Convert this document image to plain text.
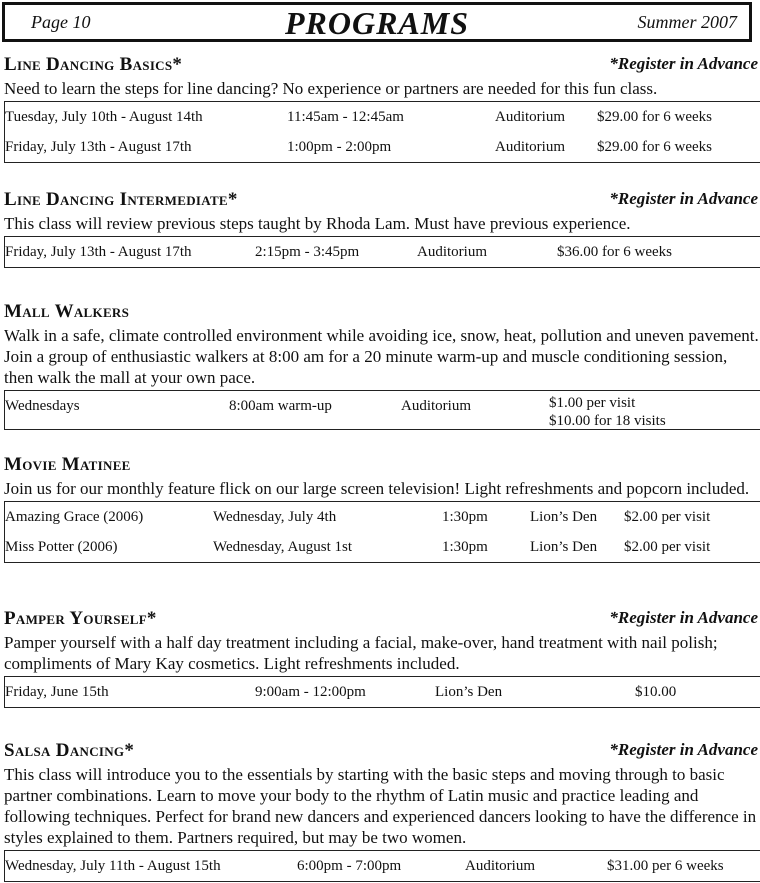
Page 10	PROGRAMS	Summer 2007
Line Dancing Basics*	*Register in Advance
Need to learn the steps for line dancing? No experience or partners are needed for this fun class.
Tuesday, July 10th - August 14th	11:45am - 12:45am	Auditorium $29.00 for 6 weeks
Friday, July 13th - August 17th	1:00pm - 2:00pm	Auditorium $29.00 for 6 weeks
Line Dancing Intermediate*	*Register in Advance
This class will review previous steps taught by Rhoda Lam. Must have previous experience.
Friday, July 13th - August 17th	2:15pm - 3:45pm	Auditorium	$36.00 for 6 weeks
Mall Walkers
Walk in a safe, climate controlled environment while avoiding ice, snow, heat, pollution and uneven pavement. Join a group of enthusiastic walkers at 8:00 am for a 20 minute warm-up and muscle conditioning session, then walk the mall at your own pace.
Wednesdays	8:00am warm-up	Auditorium	$1.00 per visit
$10.00 for 18 visits
Movie Matinee
Join us for our monthly feature flick on our large screen television! Light refreshments and popcorn included.
Amazing Grace (2006)	Wednesday, July 4th	1:30pm	Lion’s Den $2.00 per visit
Miss Potter (2006)	Wednesday, August 1st	1:30pm	Lion’s Den $2.00 per visit
Pamper Yourself*	*Register in Advance
Pamper yourself with a half day treatment including a facial, make-over, hand treatment with nail polish; compliments of Mary Kay cosmetics. Light refreshments included.
Friday, June 15th	9:00am - 12:00pm	Lion’s Den	$10.00
Salsa Dancing*	*Register in Advance
This class will introduce you to the essentials by starting with the basic steps and moving through to basic partner combinations. Learn to move your body to the rhythm of Latin music and practice leading and following techniques. Perfect for brand new dancers and experienced dancers looking to have the difference in styles explained to them. Partners required, but may be two women.
Wednesday, July 11th - August 15th	6:00pm - 7:00pm	Auditorium	$31.00 per 6 weeks
